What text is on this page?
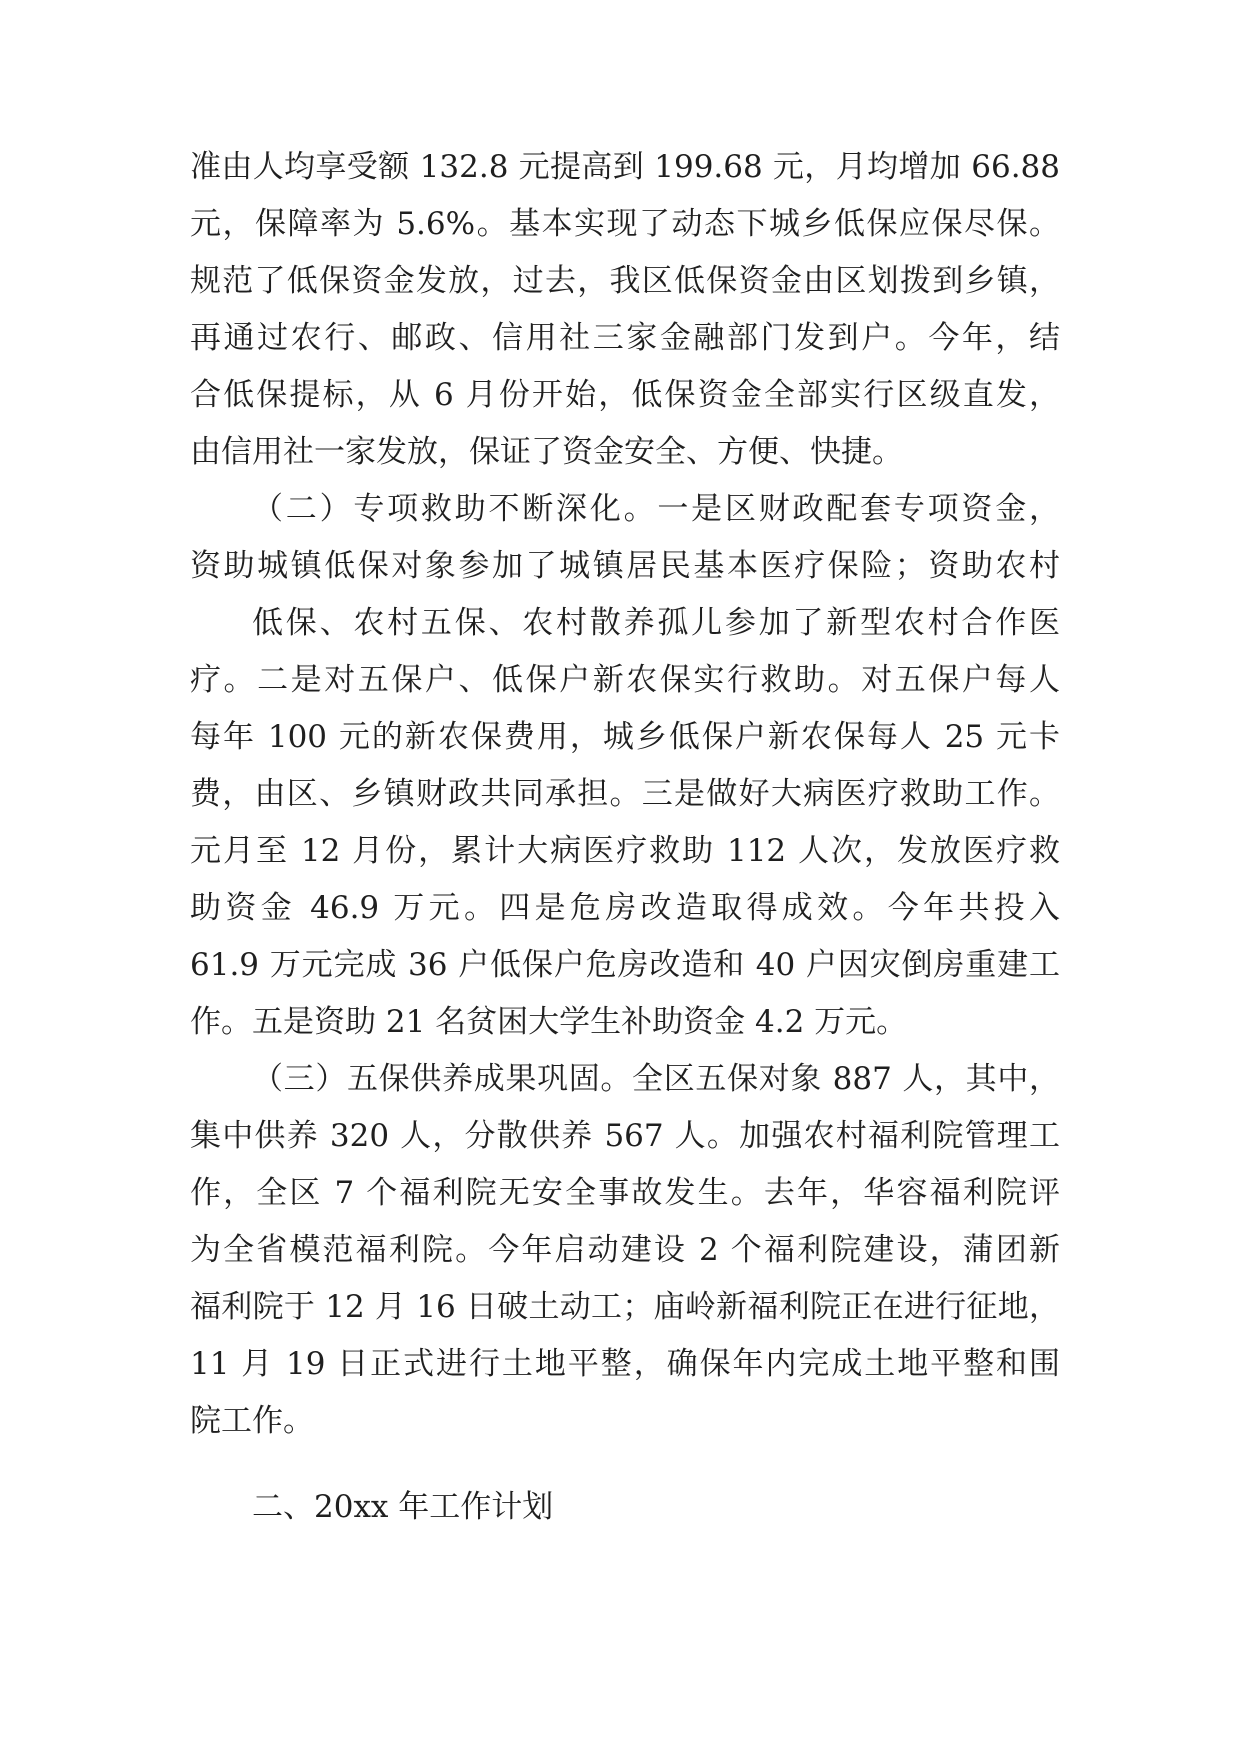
准由人均享受额 132.8 元提高到 199.68 元，月均增加 66.88
元，保障率为 5.6%。基本实现了动态下城乡低保应保尽保。
规范了低保资金发放，过去，我区低保资金由区划拨到乡镇，
再通过农行、邮政、信用社三家金融部门发到户。今年，结
合低保提标，从 6 月份开始，低保资金全部实行区级直发，
由信用社一家发放，保证了资金安全、方便、快捷。
（二）专项救助不断深化。一是区财政配套专项资金，
资助城镇低保对象参加了城镇居民基本医疗保险；资助农村
低保、农村五保、农村散养孤儿参加了新型农村合作医
疗。二是对五保户、低保户新农保实行救助。对五保户每人
每年 100 元的新农保费用，城乡低保户新农保每人 25 元卡
费，由区、乡镇财政共同承担。三是做好大病医疗救助工作。
元月至 12 月份，累计大病医疗救助 112 人次，发放医疗救
助资金 46.9 万元。四是危房改造取得成效。今年共投入
61.9 万元完成 36 户低保户危房改造和 40 户因灾倒房重建工
作。五是资助 21 名贫困大学生补助资金 4.2 万元。
（三）五保供养成果巩固。全区五保对象 887 人，其中，
集中供养 320 人，分散供养 567 人。加强农村福利院管理工
作，全区 7 个福利院无安全事故发生。去年，华容福利院评
为全省模范福利院。今年启动建设 2 个福利院建设，蒲团新
福利院于 12 月 16 日破土动工；庙岭新福利院正在进行征地，
11 月 19 日正式进行土地平整，确保年内完成土地平整和围
院工作。
二、20xx 年工作计划
